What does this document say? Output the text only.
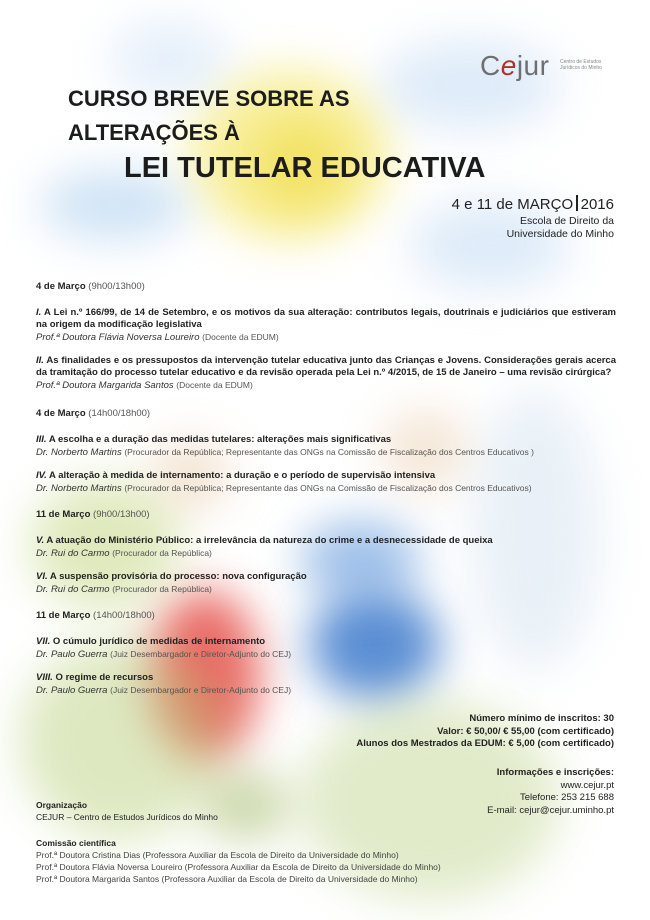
Cejur Centro de Estudos Jurídicos do Minho
CURSO BREVE SOBRE AS
ALTERAÇÕES À
LEI TUTELAR EDUCATIVA
4 e 11 de MARÇO 2016
Escola de Direito da
Universidade do Minho
4 de Março (9h00/13h00)
I. A Lei n.º 166/99, de 14 de Setembro, e os motivos da sua alteração: contributos legais, doutrinais e judiciários que estiveram na origem da modificação legislativa
Prof.ª Doutora Flávia Noversa Loureiro (Docente da EDUM)
II. As finalidades e os pressupostos da intervenção tutelar educativa junto das Crianças e Jovens. Considerações gerais acerca da tramitação do processo tutelar educativo e da revisão operada pela Lei n.º 4/2015, de 15 de Janeiro – uma revisão cirúrgica?
Prof.ª Doutora Margarida Santos (Docente da EDUM)
4 de Março (14h00/18h00)
III. A escolha e a duração das medidas tutelares: alterações mais significativas
Dr. Norberto Martins (Procurador da República; Representante das ONGs na Comissão de Fiscalização dos Centros Educativos )
IV. A alteração à medida de internamento: a duração e o período de supervisão intensiva
Dr. Norberto Martins (Procurador da República; Representante das ONGs na Comissão de Fiscalização dos Centros Educativos)
11 de Março (9h00/13h00)
V. A atuação do Ministério Público: a irrelevância da natureza do crime e a desnecessidade de queixa
Dr. Rui do Carmo (Procurador da República)
VI. A suspensão provisória do processo: nova configuração
Dr. Rui do Carmo (Procurador da República)
11 de Março (14h00/18h00)
VII. O cúmulo jurídico de medidas de internamento
Dr. Paulo Guerra (Juiz Desembargador e Diretor-Adjunto do CEJ)
VIII. O regime de recursos
Dr. Paulo Guerra (Juiz Desembargador e Diretor-Adjunto do CEJ)
Número mínimo de inscritos: 30
Valor: € 50,00/ € 55,00 (com certificado)
Alunos dos Mestrados da EDUM: € 5,00 (com certificado)
Informações e inscrições:
www.cejur.pt
Telefone: 253 215 688
E-mail: cejur@cejur.uminho.pt
Organização
CEJUR – Centro de Estudos Jurídicos do Minho
Comissão científica
Prof.ª Doutora Cristina Dias (Professora Auxiliar da Escola de Direito da Universidade do Minho)
Prof.ª Doutora Flávia Noversa Loureiro (Professora Auxiliar da Escola de Direito da Universidade do Minho)
Prof.ª Doutora Margarida Santos (Professora Auxiliar da Escola de Direito da Universidade do Minho)
